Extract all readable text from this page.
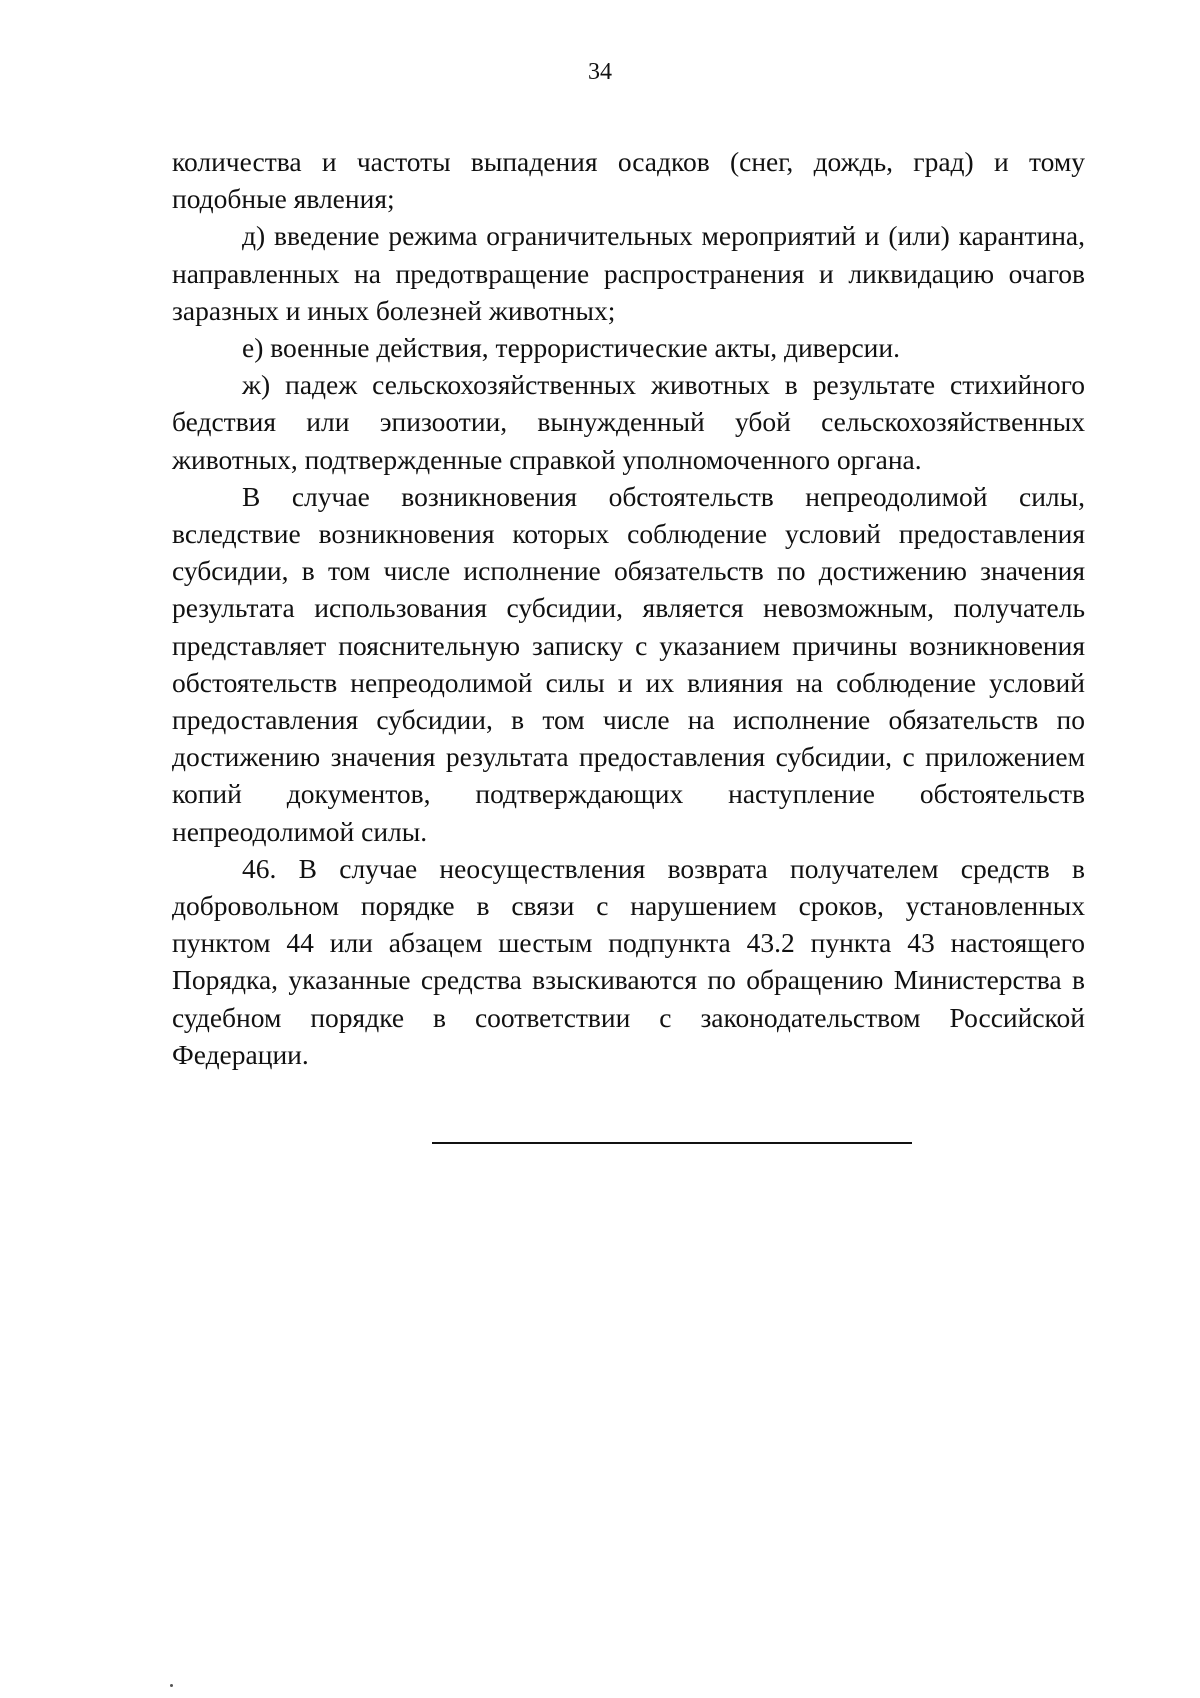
34

количества и частоты выпадения осадков (снег, дождь, град) и тому подобные явления;

д) введение режима ограничительных мероприятий и (или) карантина, направленных на предотвращение распространения и ликвидацию очагов заразных и иных болезней животных;

е) военные действия, террористические акты, диверсии.

ж) падеж сельскохозяйственных животных в результате стихийного бедствия или эпизоотии, вынужденный убой сельскохозяйственных животных, подтвержденные справкой уполномоченного органа.

В случае возникновения обстоятельств непреодолимой силы, вследствие возникновения которых соблюдение условий предоставления субсидии, в том числе исполнение обязательств по достижению значения результата использования субсидии, является невозможным, получатель представляет пояснительную записку с указанием причины возникновения обстоятельств непреодолимой силы и их влияния на соблюдение условий предоставления субсидии, в том числе на исполнение обязательств по достижению значения результата предоставления субсидии, с приложением копий документов, подтверждающих наступление обстоятельств непреодолимой силы.

46. В случае неосуществления возврата получателем средств в добровольном порядке в связи с нарушением сроков, установленных пунктом 44 или абзацем шестым подпункта 43.2 пункта 43 настоящего Порядка, указанные средства взыскиваются по обращению Министерства в судебном порядке в соответствии с законодательством Российской Федерации.
